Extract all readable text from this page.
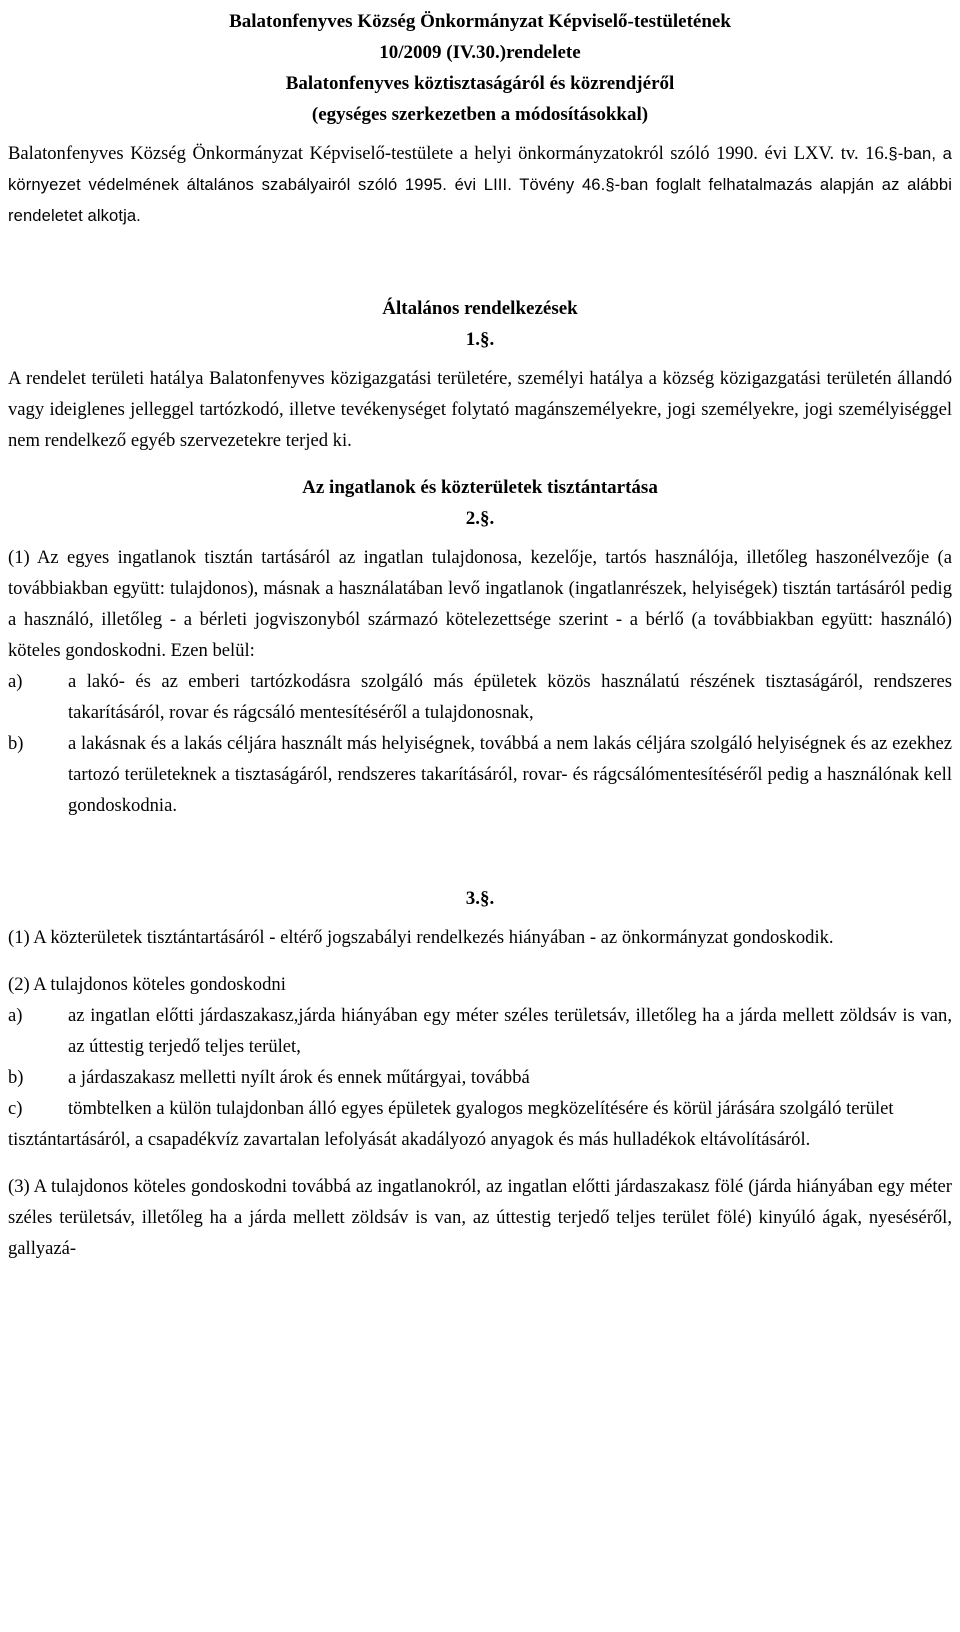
Balatonfenyves Község Önkormányzat Képviselő-testületének
10/2009 (IV.30.)rendelete
Balatonfenyves köztisztaságáról és közrendjéről
(egységes szerkezetben a módosításokkal)
Balatonfenyves Község Önkormányzat Képviselő-testülete a helyi önkormányzatokról szóló 1990. évi LXV. tv. 16.§-ban, a környezet védelmének általános szabályairól szóló 1995. évi LIII. Tövény 46.§-ban foglalt felhatalmazás alapján az alábbi rendeletet alkotja.
Általános rendelkezések
1.§.
A rendelet területi hatálya Balatonfenyves közigazgatási területére, személyi hatálya a község közigazgatási területén állandó vagy ideiglenes jelleggel tartózkodó, illetve tevékenységet folytató magánszemélyekre, jogi személyekre, jogi személyiséggel nem rendelkező egyéb szervezetekre terjed ki.
Az ingatlanok és közterületek tisztántartása
2.§.
(1) Az egyes ingatlanok tisztán tartásáról az ingatlan tulajdonosa, kezelője, tartós használója, illetőleg haszonélvezője (a továbbiakban együtt: tulajdonos), másnak a használatában levő ingatlanok (ingatlanrészek, helyiségek) tisztán tartásáról pedig a használó, illetőleg - a bérleti jogviszonyból származó kötelezettsége szerint - a bérlő (a továbbiakban együtt: használó) köteles gondoskodni. Ezen belül:
a)	a lakó- és az emberi tartózkodásra szolgáló más épületek közös használatú részének tisztaságáról, rendszeres takarításáról, rovar és rágcsáló mentesítéséről a tulajdonosnak,
b)	a lakásnak és a lakás céljára használt más helyiségnek, továbbá a nem lakás céljára szolgáló helyiségnek és az ezekhez tartozó területeknek a tisztaságáról, rendszeres takarításáról, rovar- és rágcsálómentesítéséről pedig a használónak kell gondoskodnia.
3.§.
(1) A közterületek tisztántartásáról - eltérő jogszabályi rendelkezés hiányában - az önkormányzat gondoskodik.
(2) A tulajdonos köteles gondoskodni
a)	az ingatlan előtti járdaszakasz,járda hiányában egy méter széles területsáv, illetőleg ha a járda mellett zöldsáv is van, az úttestig terjedő teljes terület,
b)	a járdaszakasz melletti nyílt árok és ennek műtárgyai, továbbá
c)	tömbtelken a külön tulajdonban álló egyes épületek gyalogos megközelítésére és körül járására szolgáló terület
tisztántartásáról, a csapadékvíz zavartalan lefolyását akadályozó anyagok és más hulladékok eltávolításáról.
(3) A tulajdonos köteles gondoskodni továbbá az ingatlanokról, az ingatlan előtti járdaszakasz fölé (járda hiányában egy méter széles területsáv, illetőleg ha a járda mellett zöldsáv is van, az úttestig terjedő teljes terület fölé) kinyúló ágak, nyeséséről, gallyazá-
